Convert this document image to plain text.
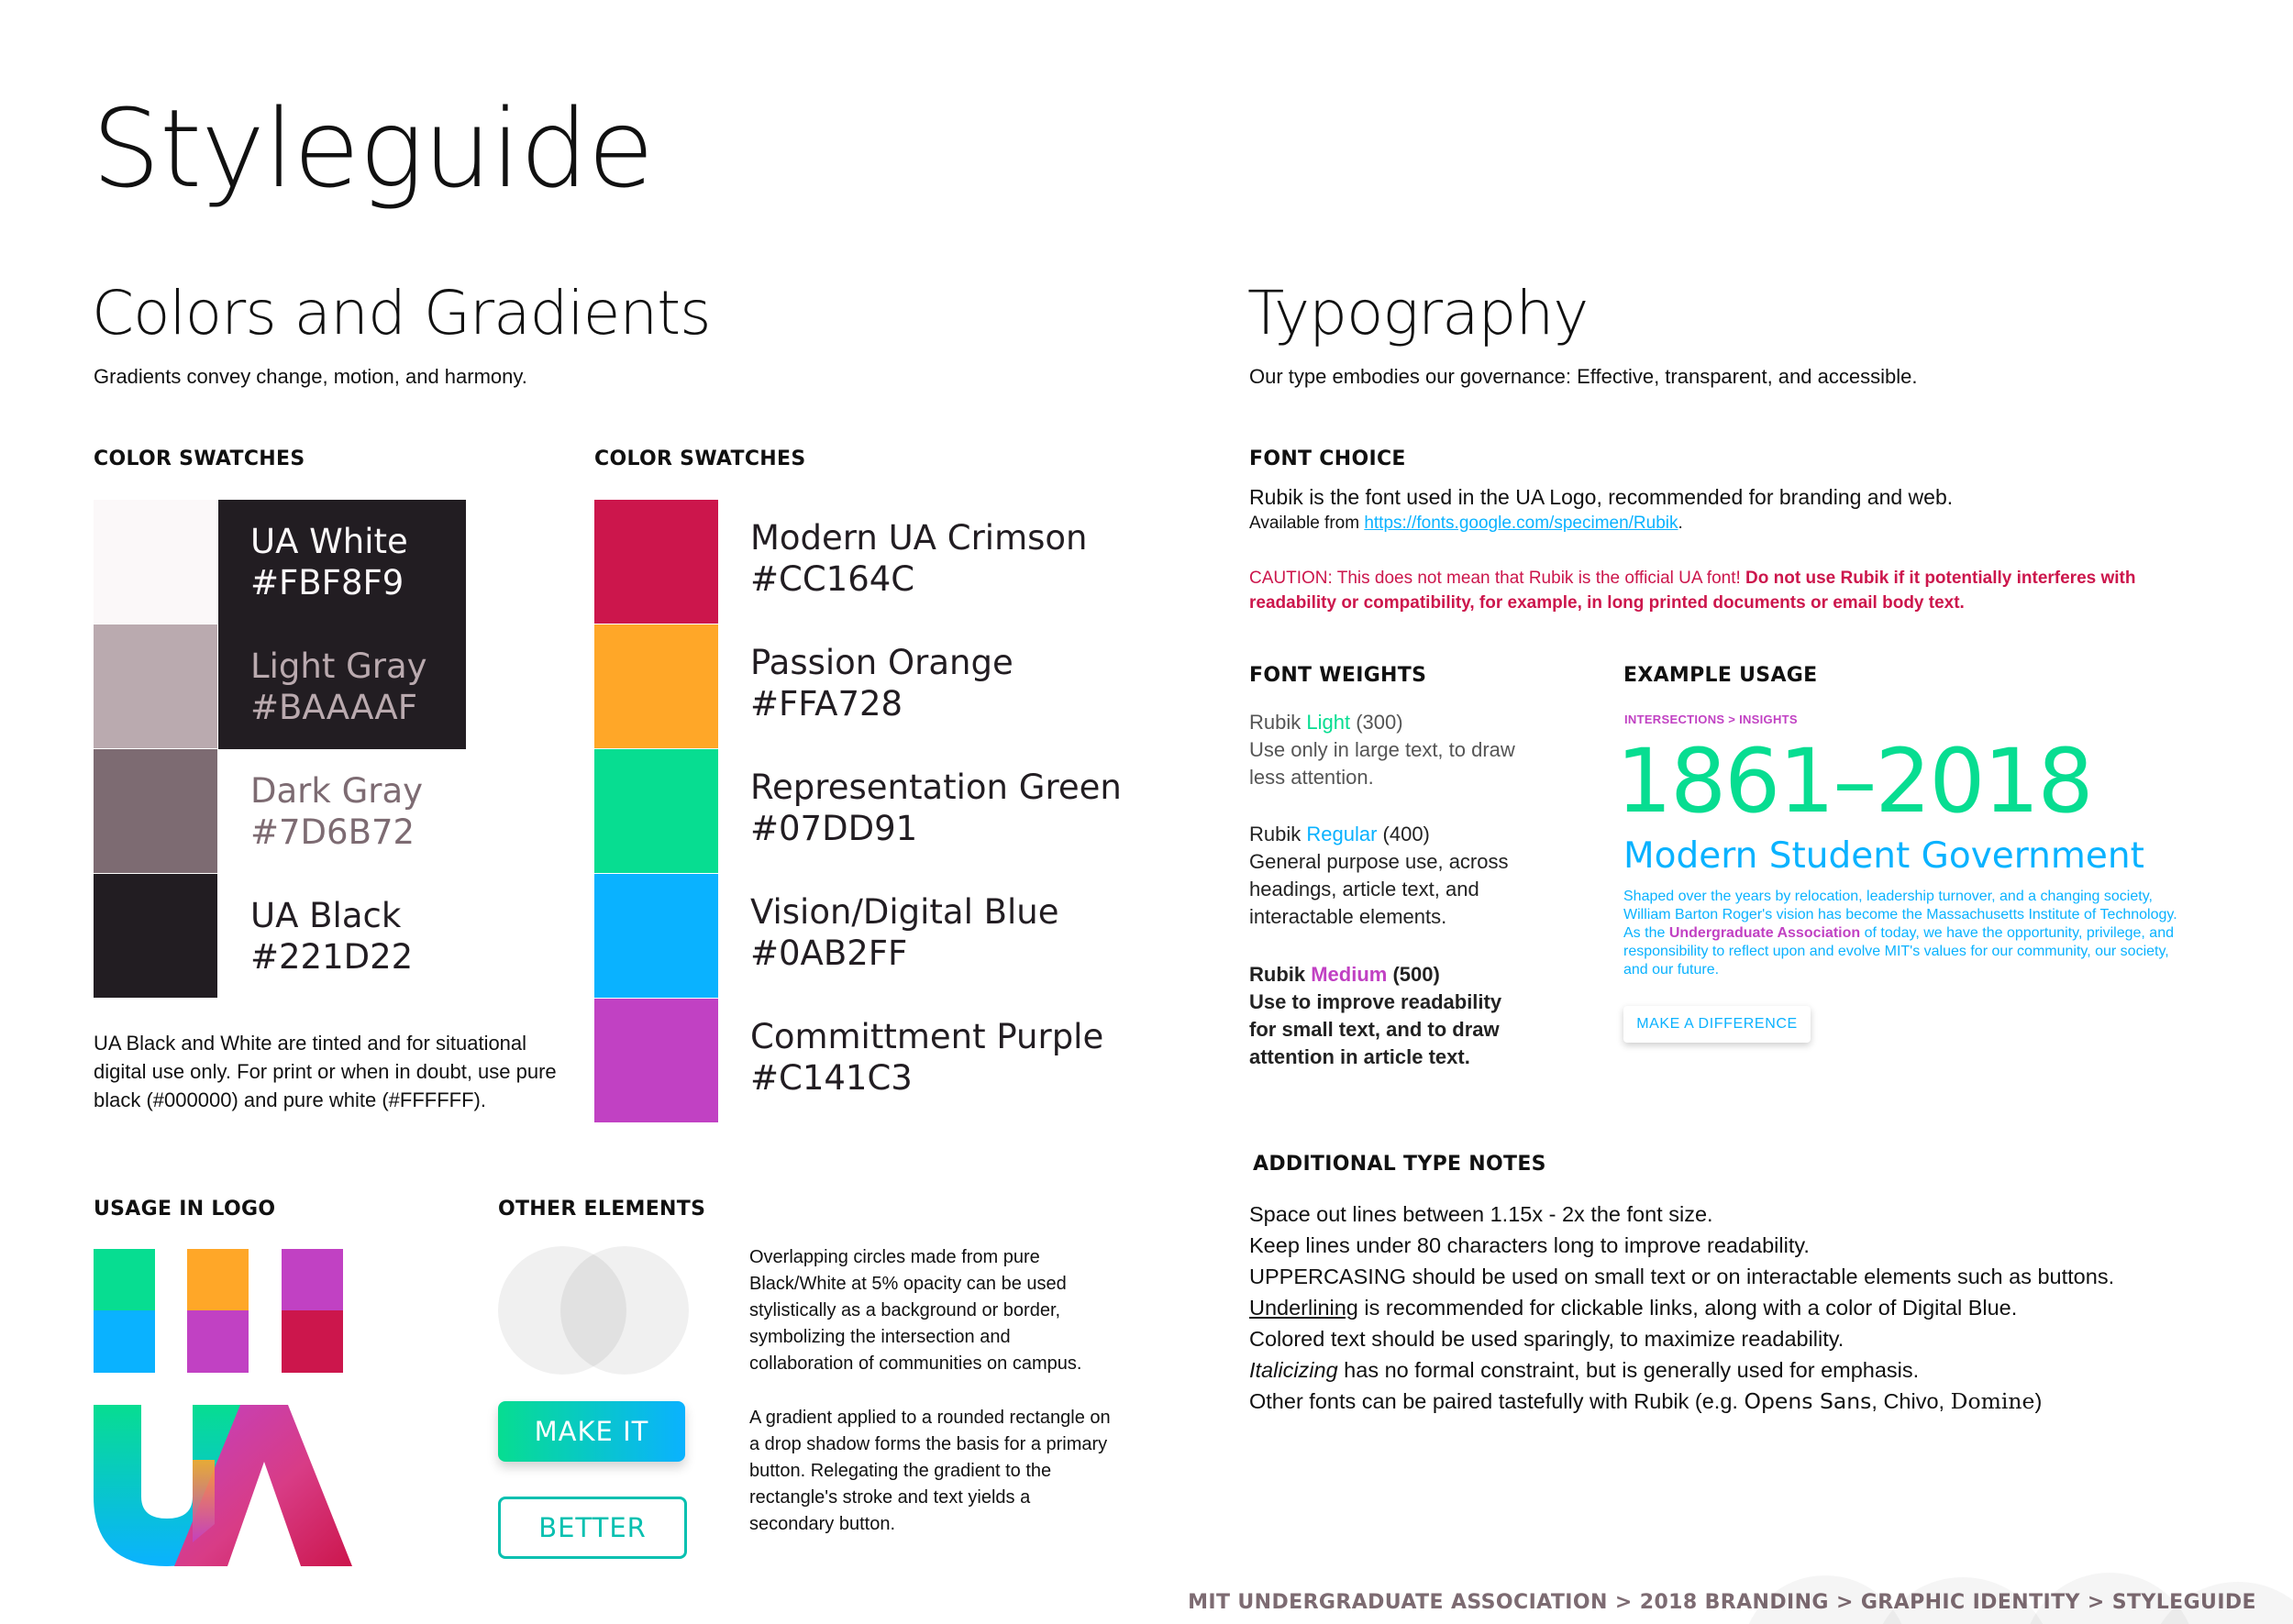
Styleguide
Colors and Gradients
Gradients convey change, motion, and harmony.
COLOR SWATCHES	COLOR SWATCHES
UA White
#FBF8F9
Light Gray
#BAAAAF
Dark Gray
#7D6B72
UA Black
#221D22
UA Black and White are tinted and for situational digital use only. For print or when in doubt, use pure black (#000000) and pure white (#FFFFFF).
Modern UA Crimson
#CC164C
Passion Orange
#FFA728
Representation Green
#07DD91
Vision/Digital Blue
#0AB2FF
Committment Purple
#C141C3
USAGE IN LOGO	OTHER ELEMENTS
Overlapping circles made from pure Black/White at 5% opacity can be used stylistically as a background or border, symbolizing the intersection and collaboration of communities on campus.
MAKE IT
BETTER
A gradient applied to a rounded rectangle on a drop shadow forms the basis for a primary button. Relegating the gradient to the rectangle's stroke and text yields a secondary button.
Typography
Our type embodies our governance: Effective, transparent, and accessible.
FONT CHOICE
Rubik is the font used in the UA Logo, recommended for branding and web.
Available from https://fonts.google.com/specimen/Rubik.
CAUTION: This does not mean that Rubik is the official UA font! Do not use Rubik if it potentially interferes with readability or compatibility, for example, in long printed documents or email body text.
FONT WEIGHTS
Rubik Light (300)
Use only in large text, to draw less attention.
Rubik Regular (400)
General purpose use, across headings, article text, and interactable elements.
Rubik Medium (500)
Use to improve readability for small text, and to draw attention in article text.
EXAMPLE USAGE
INTERSECTIONS > INSIGHTS
1861–2018
Modern Student Government
Shaped over the years by relocation, leadership turnover, and a changing society, William Barton Roger's vision has become the Massachusetts Institute of Technology. As the Undergraduate Association of today, we have the opportunity, privilege, and responsibility to reflect upon and evolve MIT's values for our community, our society, and our future.
MAKE A DIFFERENCE
ADDITIONAL TYPE NOTES
Space out lines between 1.15x - 2x the font size.
Keep lines under 80 characters long to improve readability.
UPPERCASING should be used on small text or on interactable elements such as buttons.
Underlining is recommended for clickable links, along with a color of Digital Blue.
Colored text should be used sparingly, to maximize readability.
Italicizing has no formal constraint, but is generally used for emphasis.
Other fonts can be paired tastefully with Rubik (e.g. Opens Sans, Chivo, Domine)
MIT UNDERGRADUATE ASSOCIATION > 2018 BRANDING > GRAPHIC IDENTITY > STYLEGUIDE
